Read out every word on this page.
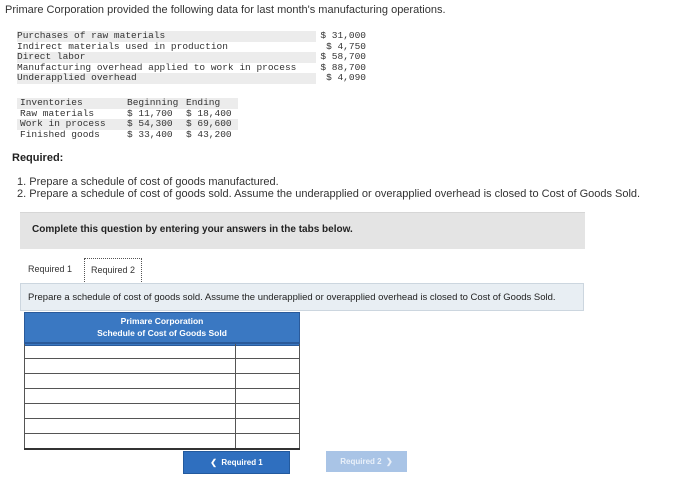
Primare Corporation provided the following data for last month's manufacturing operations.
Purchases of raw materials	$ 31,000
Indirect materials used in production	$ 4,750
Direct labor	$ 58,700
Manufacturing overhead applied to work in process	$ 88,700
Underapplied overhead	$ 4,090
Inventories	Beginning	Ending
Raw materials	$ 11,700	$ 18,400
Work in process	$ 54,300	$ 69,600
Finished goods	$ 33,400	$ 43,200
Required:
1. Prepare a schedule of cost of goods manufactured.
2. Prepare a schedule of cost of goods sold. Assume the underapplied or overapplied overhead is closed to Cost of Goods Sold.
Complete this question by entering your answers in the tabs below.
Required 1	Required 2
Prepare a schedule of cost of goods sold. Assume the underapplied or overapplied overhead is closed to Cost of Goods Sold.
Primare Corporation
Schedule of Cost of Goods Sold
❮  Required 1	Required 2  ❯
